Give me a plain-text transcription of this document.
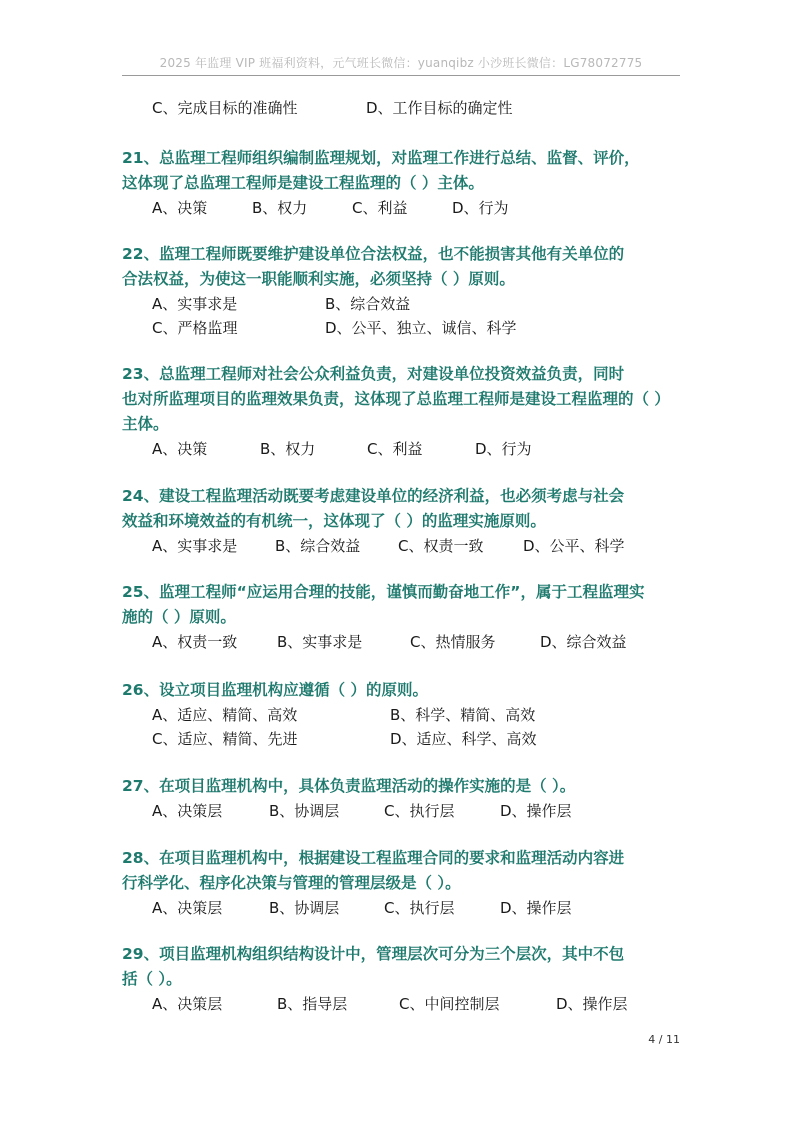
2025 年监理 VIP 班福利资料，元气班长微信：yuanqibz 小沙班长微信：LG78072775
C、完成目标的准确性	D、工作目标的确定性
21、总监理工程师组织编制监理规划，对监理工作进行总结、监督、评价，
这体现了总监理工程师是建设工程监理的（ ）主体。
A、决策	B、权力	C、利益	D、行为
22、监理工程师既要维护建设单位合法权益，也不能损害其他有关单位的
合法权益，为使这一职能顺利实施，必须坚持（ ）原则。
A、实事求是	B、综合效益
C、严格监理	D、公平、独立、诚信、科学
23、总监理工程师对社会公众利益负责，对建设单位投资效益负责，同时
也对所监理项目的监理效果负责，这体现了总监理工程师是建设工程监理的（ ）
主体。
A、决策	B、权力	C、利益	D、行为
24、建设工程监理活动既要考虑建设单位的经济利益，也必须考虑与社会
效益和环境效益的有机统一，这体现了（ ）的监理实施原则。
A、实事求是	B、综合效益	C、权责一致	D、公平、科学
25、监理工程师“应运用合理的技能，谨慎而勤奋地工作”，属于工程监理实
施的（ ）原则。
A、权责一致	B、实事求是	C、热情服务	D、综合效益
26、设立项目监理机构应遵循（ ）的原则。
A、适应、精简、高效	B、科学、精简、高效
C、适应、精简、先进	D、适应、科学、高效
27、在项目监理机构中，具体负责监理活动的操作实施的是（ ）。
A、决策层	B、协调层	C、执行层	D、操作层
28、在项目监理机构中，根据建设工程监理合同的要求和监理活动内容进
行科学化、程序化决策与管理的管理层级是（ ）。
A、决策层	B、协调层	C、执行层	D、操作层
29、项目监理机构组织结构设计中，管理层次可分为三个层次，其中不包
括（ ）。
A、决策层	B、指导层	C、中间控制层	D、操作层
4 / 11
